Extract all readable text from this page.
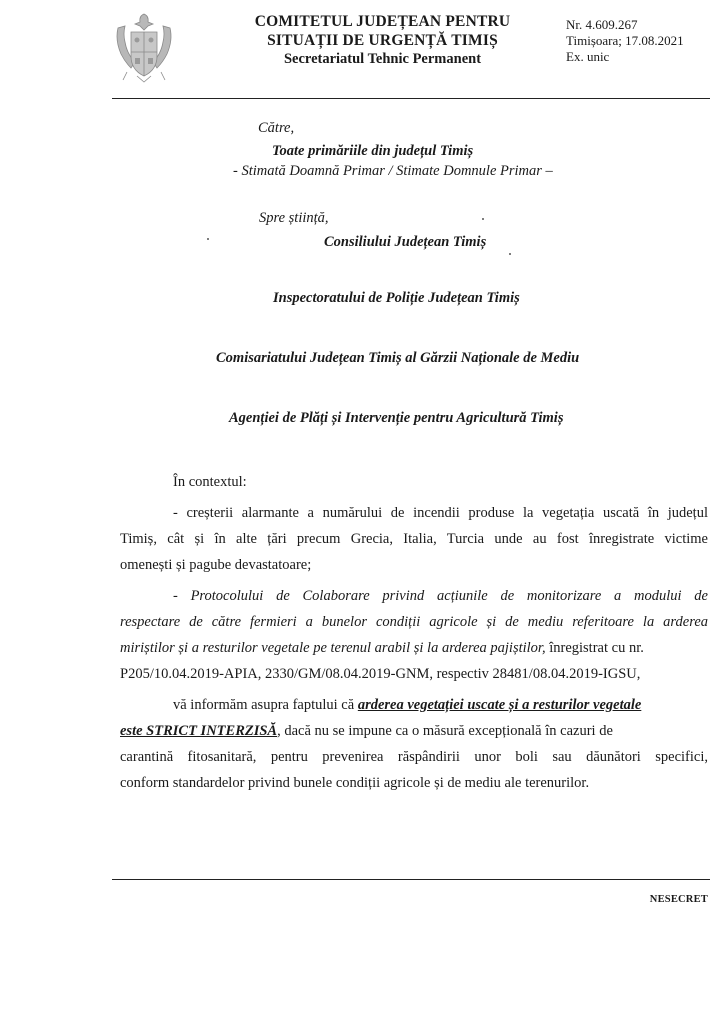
COMITETUL JUDEȚEAN PENTRU
SITUAȚII DE URGENȚĂ TIMIȘ
Secretariatul Tehnic Permanent
Nr. 4.609.267
Timișoara; 17.08.2021
Ex. unic
Către,
Toate primăriile din județul Timiș
- Stimată Doamnă Primar / Stimate Domnule Primar –
Spre știință,
Consiliului Județean Timiș
Inspectoratului de Poliție Județean Timiș
Comisariatului Județean Timiș al Gărzii Naționale de Mediu
Agenției de Plăți și Intervenție pentru Agricultură Timiș
În contextul:
- creșterii alarmante a numărului de incendii produse la vegetația uscată în județul
Timiș, cât și în alte țări precum Grecia, Italia, Turcia unde au fost înregistrate victime
omenești și pagube devastatoare;
- Protocolului de Colaborare privind acțiunile de monitorizare a modului de
respectare de către fermieri a bunelor condiții agricole și de mediu referitoare la arderea
miriștilor și a resturilor vegetale pe terenul arabil și la arderea pajiștilor, înregistrat cu nr.
P205/10.04.2019-APIA, 2330/GM/08.04.2019-GNM, respectiv 28481/08.04.2019-IGSU,
vă informăm asupra faptului că arderea vegetației uscate și a resturilor vegetale
este STRICT INTERZISĂ, dacă nu se impune ca o măsură excepțională în cazuri de
carantină fitosanitară, pentru prevenirea răspândirii unor boli sau dăunători specifici,
conform standardelor privind bunele condiții agricole și de mediu ale terenurilor.
NESECRET
